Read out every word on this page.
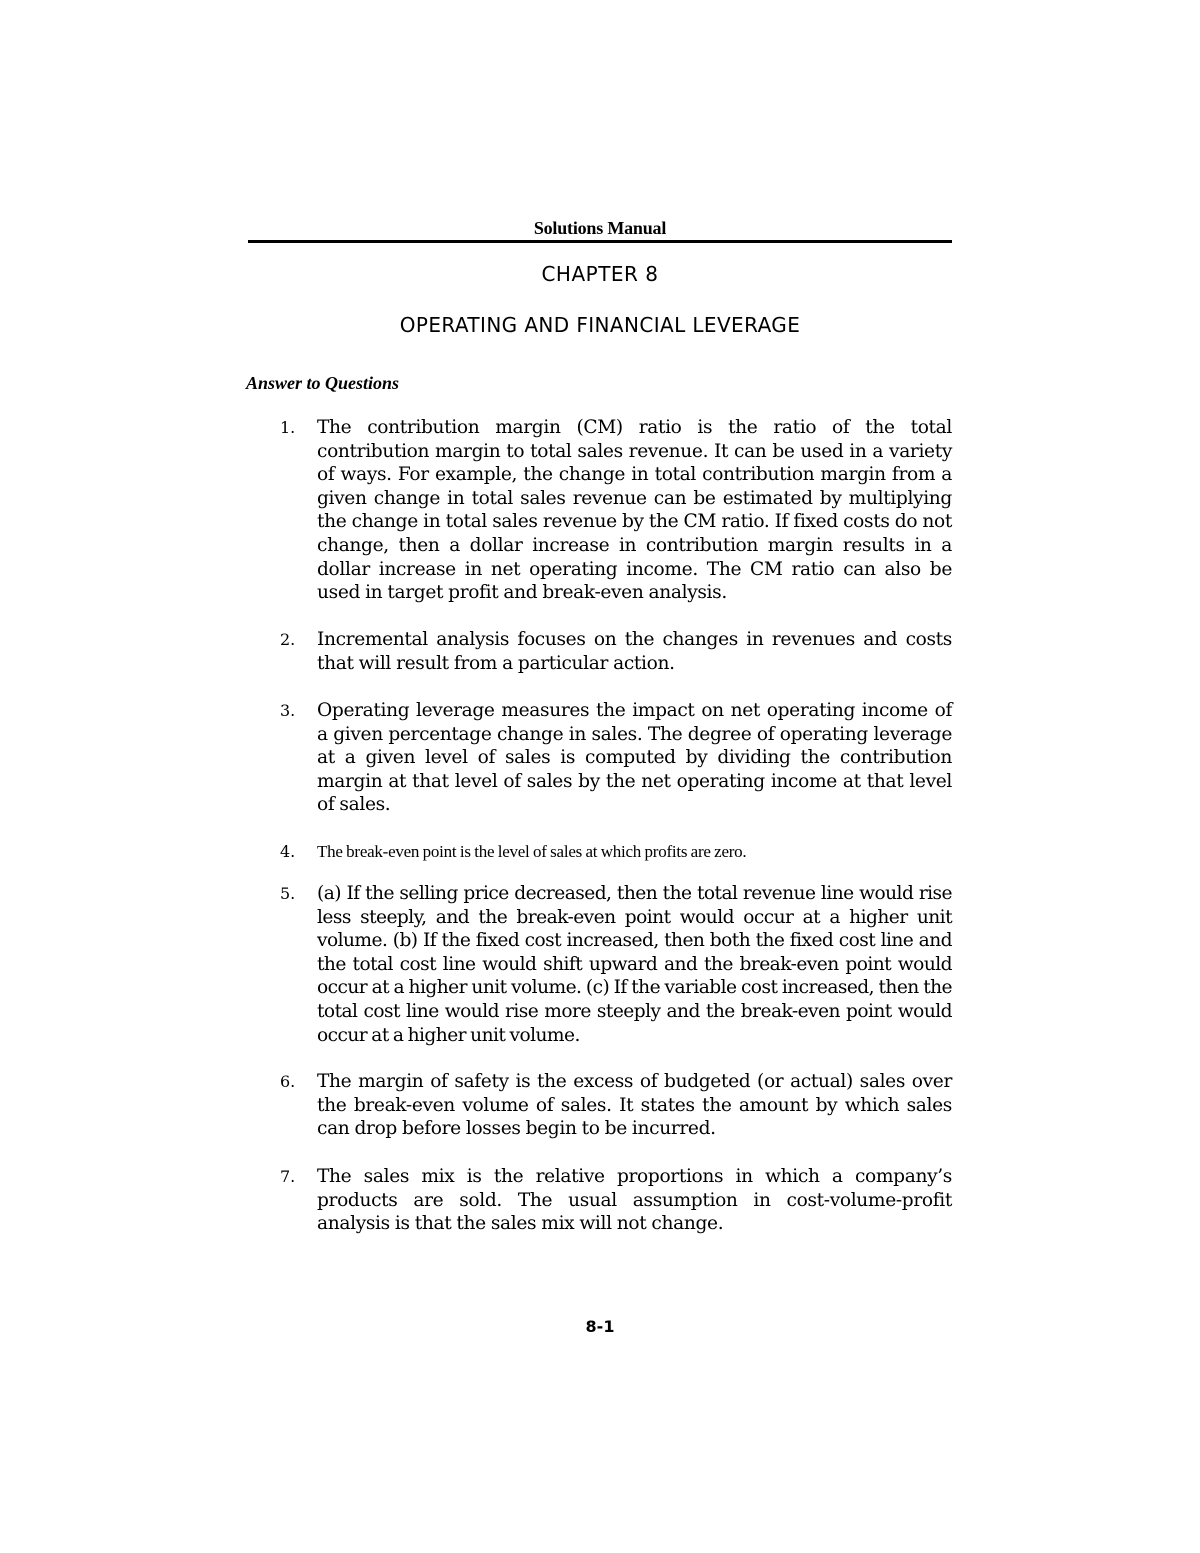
Solutions Manual
CHAPTER 8
OPERATING AND FINANCIAL LEVERAGE
Answer to Questions
1. The contribution margin (CM) ratio is the ratio of the total contribution margin to total sales revenue. It can be used in a variety of ways. For example, the change in total contribution margin from a given change in total sales revenue can be estimated by multiplying the change in total sales revenue by the CM ratio. If fixed costs do not change, then a dollar increase in contribution margin results in a dollar increase in net operating income. The CM ratio can also be used in target profit and break-even analysis.
2. Incremental analysis focuses on the changes in revenues and costs that will result from a particular action.
3. Operating leverage measures the impact on net operating income of a given percentage change in sales. The degree of operating leverage at a given level of sales is computed by dividing the contribution margin at that level of sales by the net operating income at that level of sales.
4. The break-even point is the level of sales at which profits are zero.
5. (a) If the selling price decreased, then the total revenue line would rise less steeply, and the break-even point would occur at a higher unit volume. (b) If the fixed cost increased, then both the fixed cost line and the total cost line would shift upward and the break-even point would occur at a higher unit volume. (c) If the variable cost increased, then the total cost line would rise more steeply and the break-even point would occur at a higher unit volume.
6. The margin of safety is the excess of budgeted (or actual) sales over the break-even volume of sales. It states the amount by which sales can drop before losses begin to be incurred.
7. The sales mix is the relative proportions in which a company’s products are sold. The usual assumption in cost-volume-profit analysis is that the sales mix will not change.
8-1
